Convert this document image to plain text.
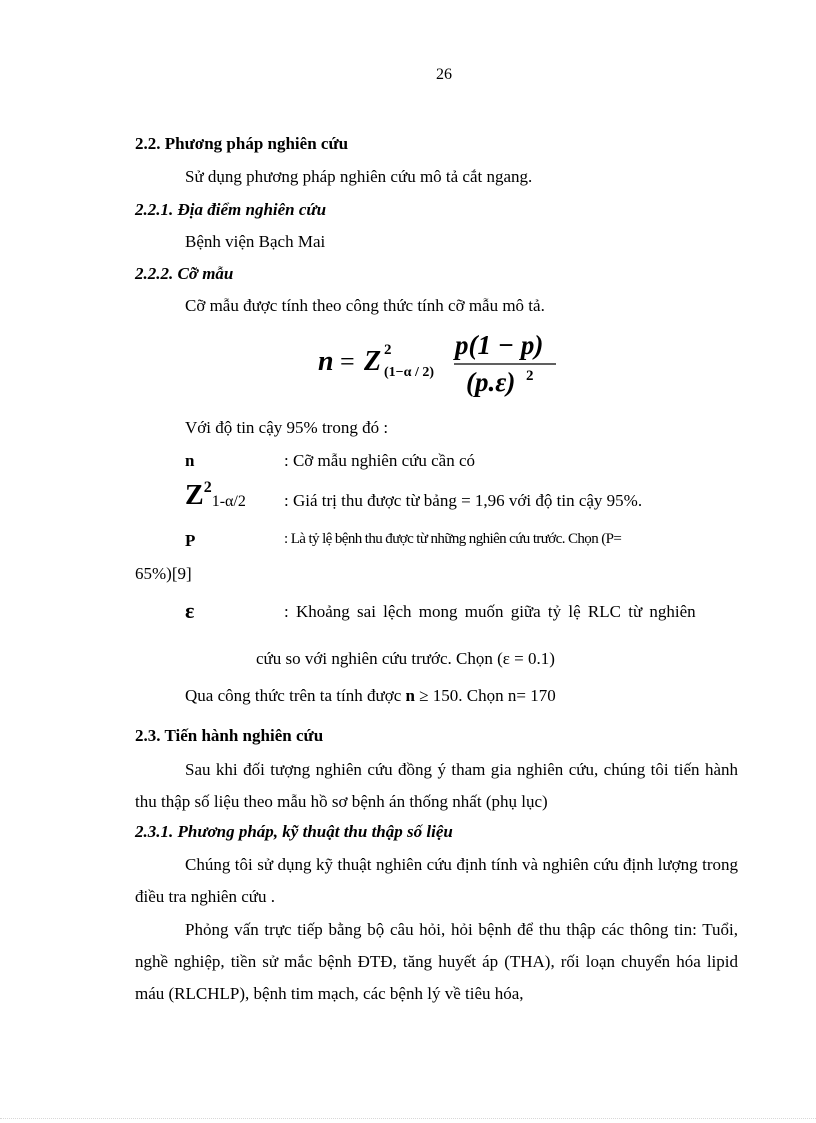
26
2.2. Phương pháp nghiên cứu
Sử dụng phương pháp nghiên cứu mô tả cắt ngang.
2.2.1. Địa điểm nghiên cứu
Bệnh viện Bạch Mai
2.2.2. Cỡ mẫu
Cỡ mẫu được tính theo công thức tính cỡ mẫu mô tả.
n = Z 2
(1−α / 2)
p(1 − p)
(p.ε) 2
Với độ tin cậy 95% trong đó :
n	: Cỡ mẫu nghiên cứu cần có
Z21-α/2 : Giá trị thu được từ bảng = 1,96 với độ tin cậy 95%.
P	: Là tỷ lệ bệnh thu được từ những nghiên cứu trước. Chọn (P=
65%)[9]
ε	: Khoảng sai lệch mong muốn giữa tỷ lệ RLC từ nghiên
cứu so với nghiên cứu trước. Chọn (ε = 0.1)
Qua công thức trên ta tính được n ≥ 150. Chọn n= 170
2.3. Tiến hành nghiên cứu
Sau khi đối tượng nghiên cứu đồng ý tham gia nghiên cứu, chúng tôi tiến hành thu thập số liệu theo mẫu hồ sơ bệnh án thống nhất (phụ lục)
2.3.1. Phương pháp, kỹ thuật thu thập số liệu
Chúng tôi sử dụng kỹ thuật nghiên cứu định tính và nghiên cứu định lượng trong điều tra nghiên cứu .
Phỏng vấn trực tiếp bằng bộ câu hỏi, hỏi bệnh để thu thập các thông tin: Tuổi, nghề nghiệp, tiền sử mắc bệnh ĐTĐ, tăng huyết áp (THA), rối loạn chuyển hóa lipid máu (RLCHLP), bệnh tim mạch, các bệnh lý về tiêu hóa,
